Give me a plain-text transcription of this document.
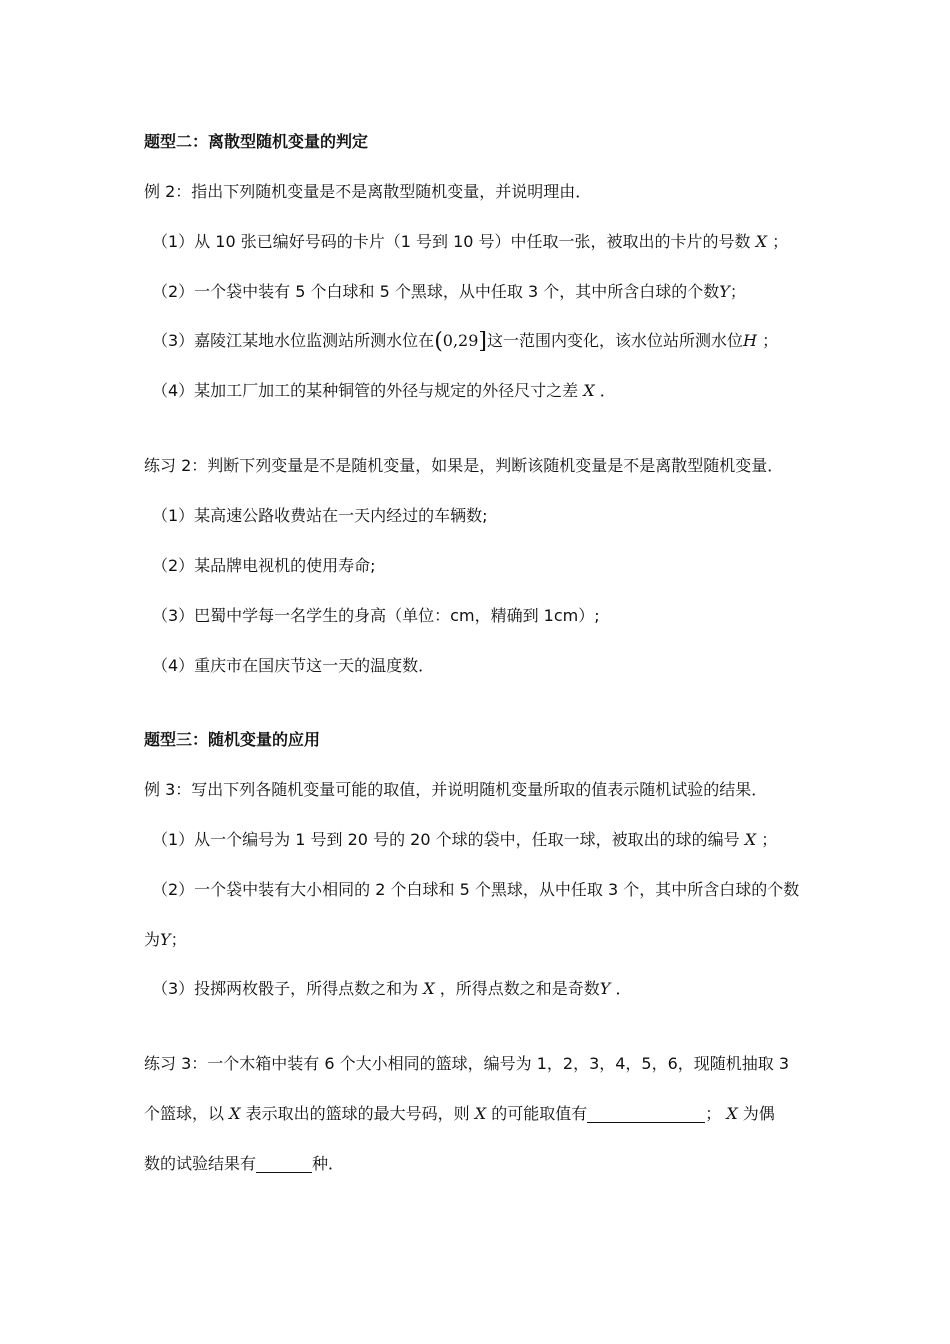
题型二：离散型随机变量的判定
例 2：指出下列随机变量是不是离散型随机变量，并说明理由．
（1）从 10 张已编好号码的卡片（1 号到 10 号）中任取一张，被取出的卡片的号数 X ；
（2）一个袋中装有 5 个白球和 5 个黑球，从中任取 3 个，其中所含白球的个数Y；
（3）嘉陵江某地水位监测站所测水位在(0,29]这一范围内变化，该水位站所测水位H ；
（4）某加工厂加工的某种铜管的外径与规定的外径尺寸之差 X ．
练习 2：判断下列变量是不是随机变量，如果是，判断该随机变量是不是离散型随机变量．
（1）某高速公路收费站在一天内经过的车辆数;
（2）某品牌电视机的使用寿命;
（3）巴蜀中学每一名学生的身高（单位：cm，精确到 1cm）;
（4）重庆市在国庆节这一天的温度数．
题型三：随机变量的应用
例 3：写出下列各随机变量可能的取值，并说明随机变量所取的值表示随机试验的结果．
（1）从一个编号为 1 号到 20 号的 20 个球的袋中，任取一球，被取出的球的编号 X ；
（2）一个袋中装有大小相同的 2 个白球和 5 个黑球，从中任取 3 个，其中所含白球的个数
为Y；
（3）投掷两枚骰子，所得点数之和为 X ，所得点数之和是奇数Y ．
练习 3：一个木箱中装有 6 个大小相同的篮球，编号为 1，2，3，4，5，6，现随机抽取 3
个篮球，以 X 表示取出的篮球的最大号码，则 X 的可能取值有	； X 为偶
数的试验结果有	种．
